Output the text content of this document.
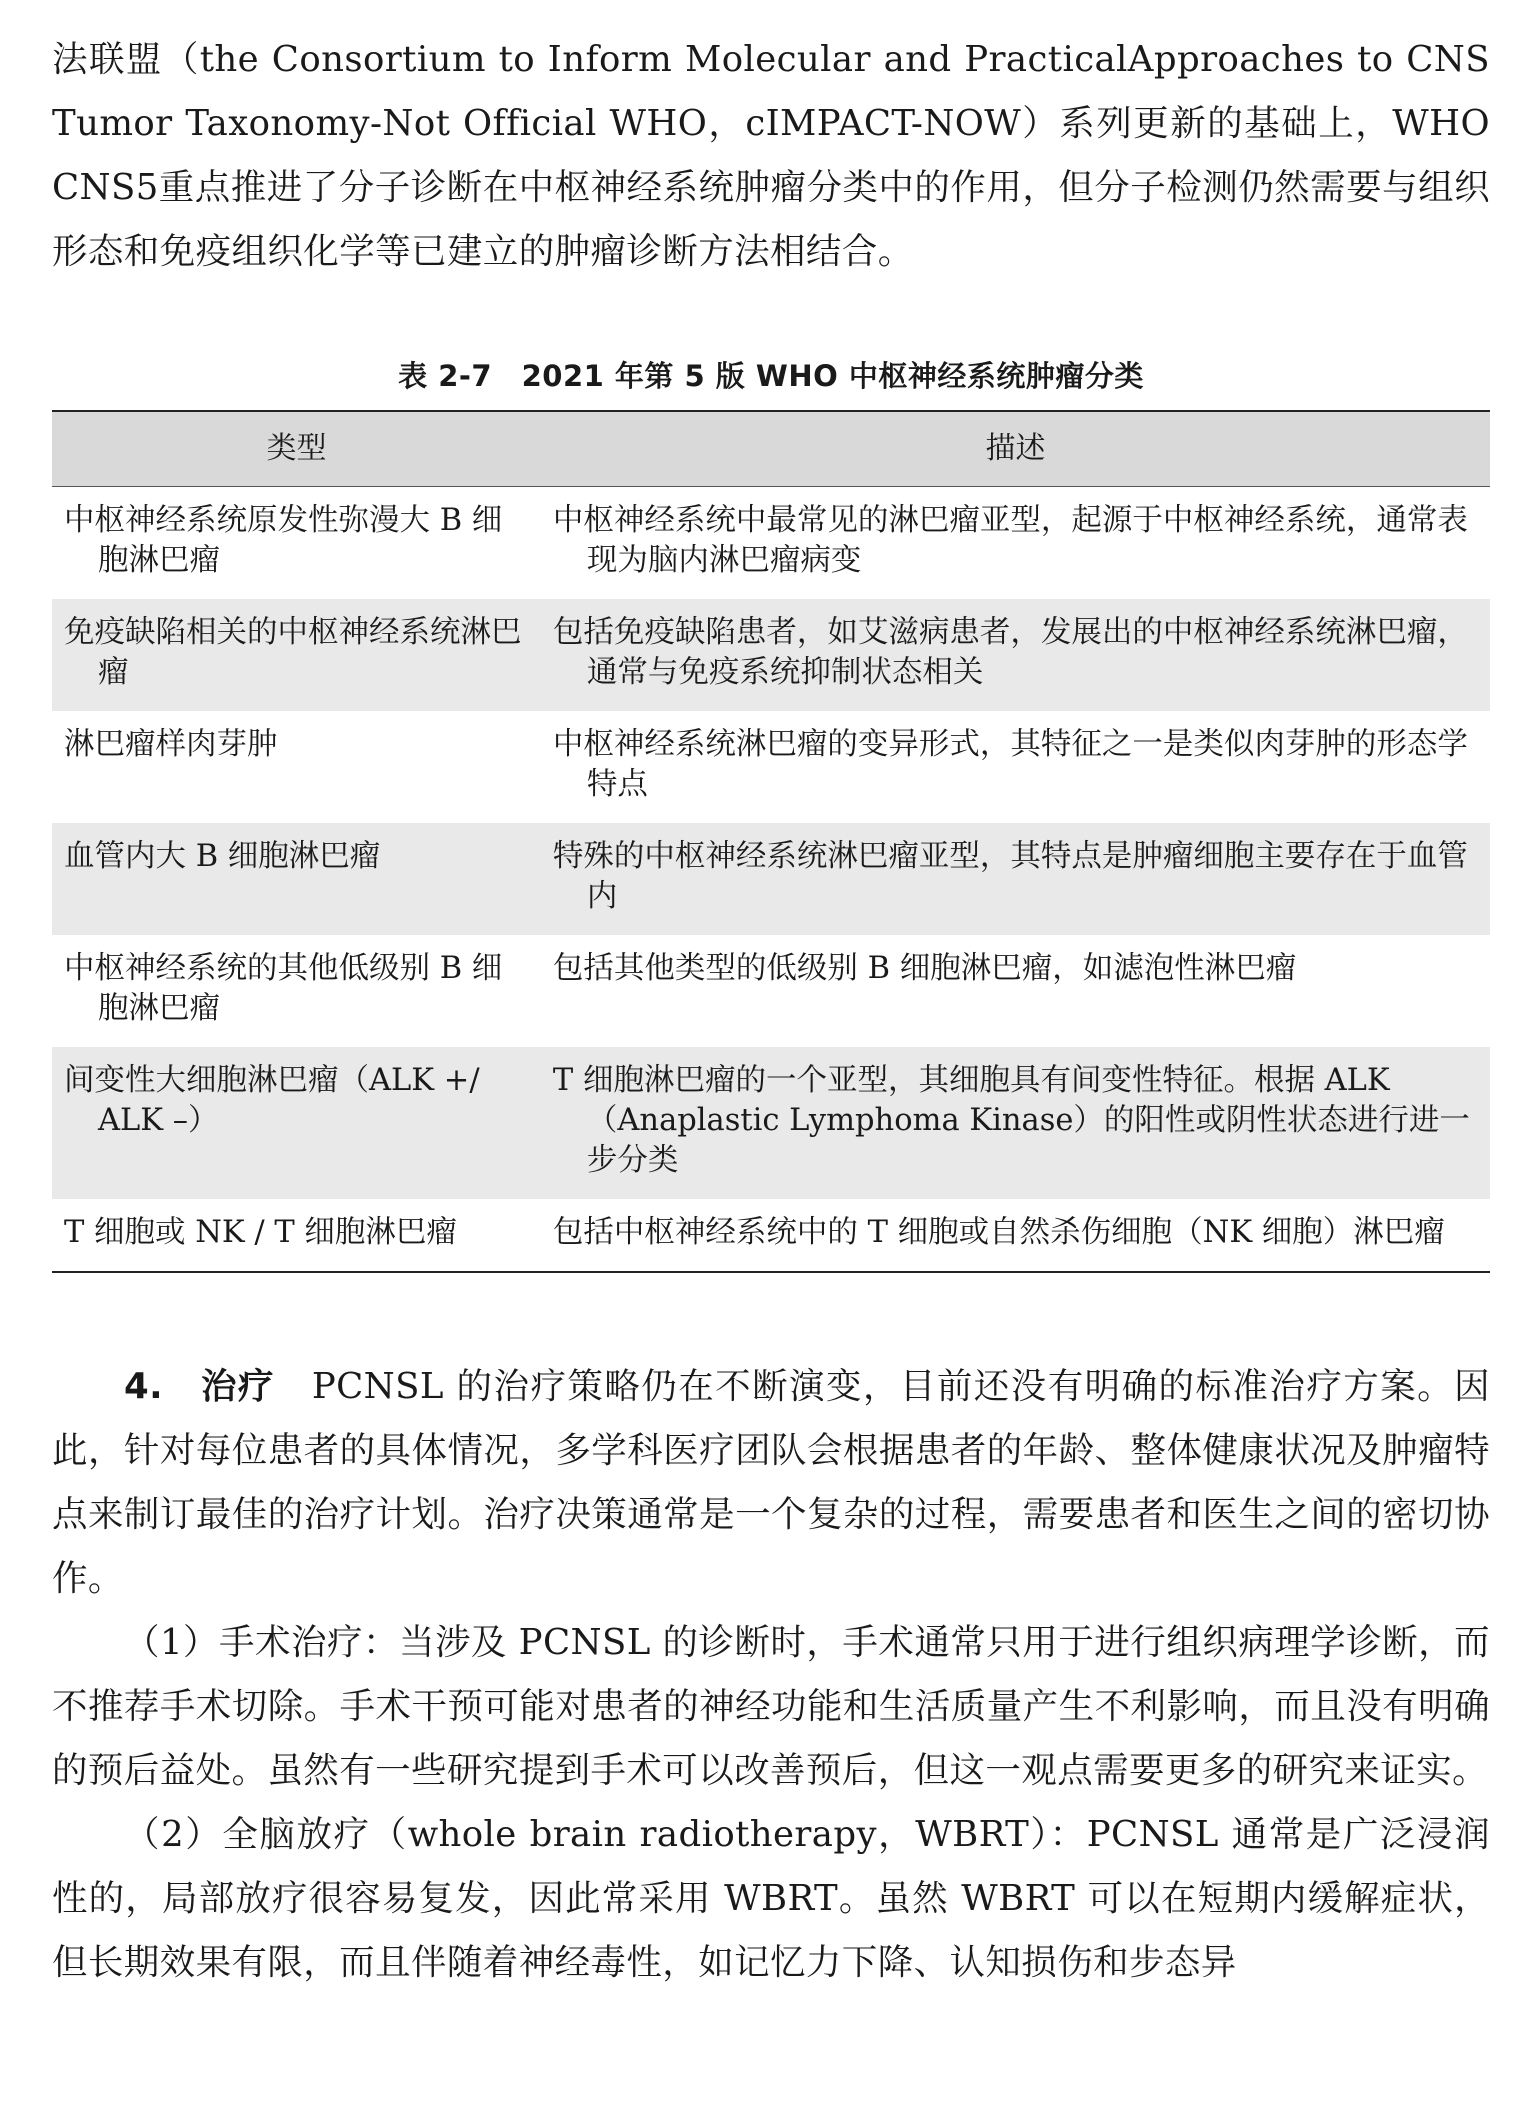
法联盟（the Consortium to Inform Molecular and PracticalApproaches to CNS Tumor Taxonomy-Not Official WHO，cIMPACT-NOW）系列更新的基础上，WHO CNS5重点推进了分子诊断在中枢神经系统肿瘤分类中的作用，但分子检测仍然需要与组织形态和免疫组织化学等已建立的肿瘤诊断方法相结合。

表 2-7　2021 年第 5 版 WHO 中枢神经系统肿瘤分类
类型	描述

中枢神经系统原发性弥漫大 B 细胞淋巴瘤	中枢神经系统中最常见的淋巴瘤亚型，起源于中枢神经系统，通常表现为脑内淋巴瘤病变

免疫缺陷相关的中枢神经系统淋巴瘤	包括免疫缺陷患者，如艾滋病患者，发展出的中枢神经系统淋巴瘤，通常与免疫系统抑制状态相关

淋巴瘤样肉芽肿	中枢神经系统淋巴瘤的变异形式，其特征之一是类似肉芽肿的形态学特点

血管内大 B 细胞淋巴瘤	特殊的中枢神经系统淋巴瘤亚型，其特点是肿瘤细胞主要存在于血管内

中枢神经系统的其他低级别 B 细胞淋巴瘤	包括其他类型的低级别 B 细胞淋巴瘤，如滤泡性淋巴瘤

间变性大细胞淋巴瘤（ALK +/ ALK –）	T 细胞淋巴瘤的一个亚型，其细胞具有间变性特征。根据 ALK（Anaplastic Lymphoma Kinase）的阳性或阴性状态进行进一步分类

T 细胞或 NK / T 细胞淋巴瘤	包括中枢神经系统中的 T 细胞或自然杀伤细胞（NK 细胞）淋巴瘤

4.　治疗　PCNSL 的治疗策略仍在不断演变，目前还没有明确的标准治疗方案。因此，针对每位患者的具体情况，多学科医疗团队会根据患者的年龄、整体健康状况及肿瘤特点来制订最佳的治疗计划。治疗决策通常是一个复杂的过程，需要患者和医生之间的密切协作。

（1）手术治疗：当涉及 PCNSL 的诊断时，手术通常只用于进行组织病理学诊断，而不推荐手术切除。手术干预可能对患者的神经功能和生活质量产生不利影响，而且没有明确的预后益处。虽然有一些研究提到手术可以改善预后，但这一观点需要更多的研究来证实。

（2）全脑放疗（whole brain radiotherapy，WBRT）：PCNSL 通常是广泛浸润性的，局部放疗很容易复发，因此常采用 WBRT。虽然 WBRT 可以在短期内缓解症状，但长期效果有限，而且伴随着神经毒性，如记忆力下降、认知损伤和步态异
